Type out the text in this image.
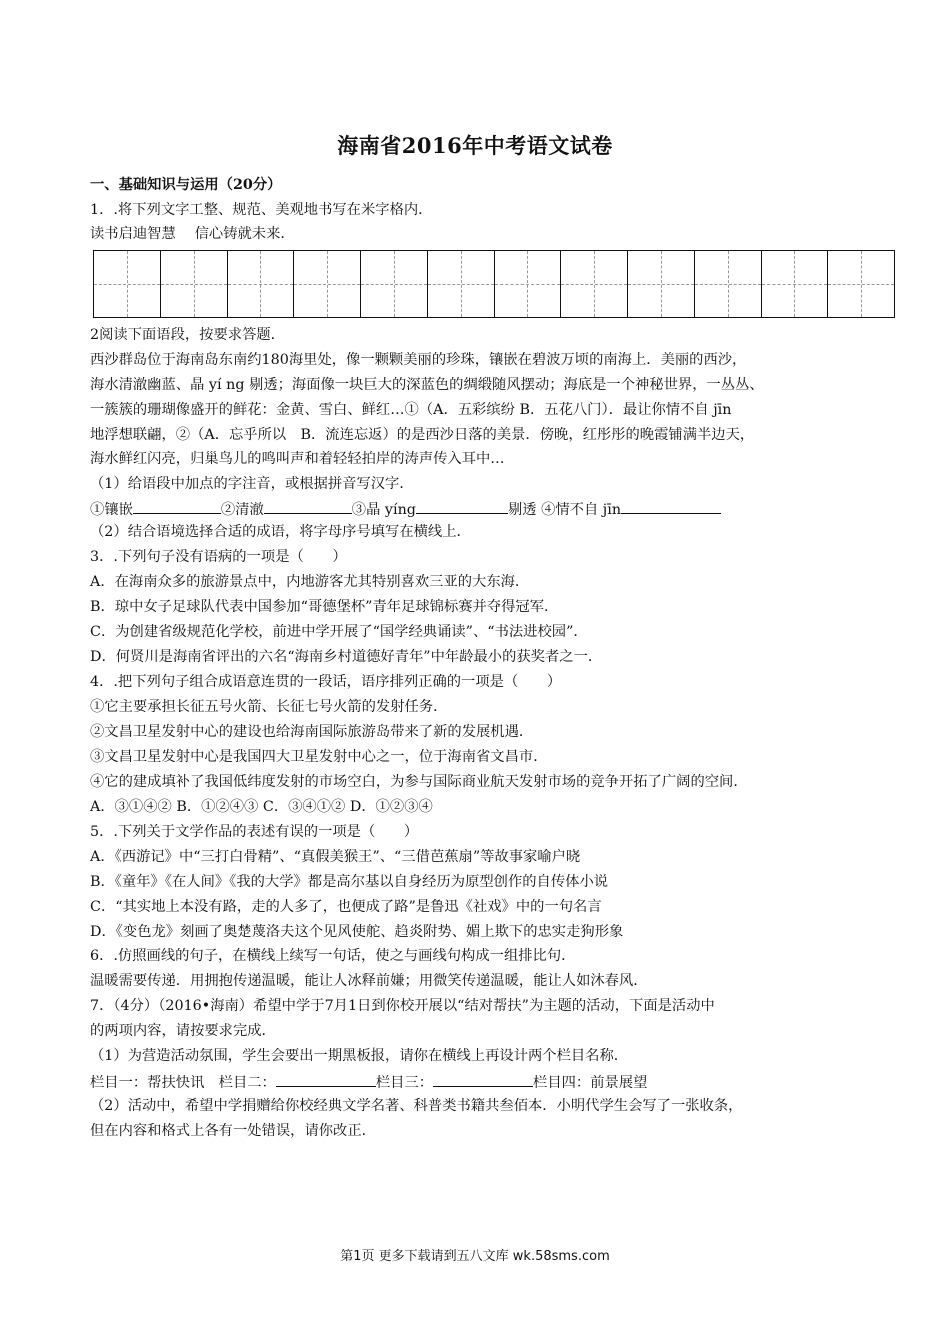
海南省2016年中考语文试卷
一、基础知识与运用（20分）
1．.将下列文字工整、规范、美观地书写在米字格内．
读书启迪智慧　 信心铸就未来．
2阅读下面语段，按要求答题．
西沙群岛位于海南岛东南约180海里处，像一颗颗美丽的珍珠，镶嵌在碧波万顷的南海上．美丽的西沙，
海水清澈幽蓝、晶 yí ng 剔透；海面像一块巨大的深蓝色的绸缎随风摆动；海底是一个神秘世界，一丛丛、
一簇簇的珊瑚像盛开的鲜花：金黄、雪白、鲜红…①（A．五彩缤纷 B．五花八门）．最让你情不自 jīn
地浮想联翩，②（A．忘乎所以　B．流连忘返）的是西沙日落的美景．傍晚，红彤彤的晚霞铺满半边天，
海水鲜红闪亮，归巢鸟儿的鸣叫声和着轻轻拍岸的涛声传入耳中…
（1）给语段中加点的字注音，或根据拼音写汉字．
①镶嵌	②清澈	③晶 yíng	剔透 ④情不自 jīn
（2）结合语境选择合适的成语，将字母序号填写在横线上．
3．.下列句子没有语病的一项是（　　）
A．在海南众多的旅游景点中，内地游客尤其特别喜欢三亚的大东海．
B．琼中女子足球队代表中国参加“哥德堡杯”青年足球锦标赛并夺得冠军．
C．为创建省级规范化学校，前进中学开展了“国学经典诵读”、“书法进校园”．
D．何贤川是海南省评出的六名“海南乡村道德好青年”中年龄最小的获奖者之一．
4．.把下列句子组合成语意连贯的一段话，语序排列正确的一项是（　　）
①它主要承担长征五号火箭、长征七号火箭的发射任务．
②文昌卫星发射中心的建设也给海南国际旅游岛带来了新的发展机遇．
③文昌卫星发射中心是我国四大卫星发射中心之一，位于海南省文昌市．
④它的建成填补了我国低纬度发射的市场空白，为参与国际商业航天发射市场的竞争开拓了广阔的空间．
A．③①④② B．①②④③ C．③④①② D．①②③④
5．.下列关于文学作品的表述有误的一项是（　　）
A．《西游记》中“三打白骨精”、“真假美猴王”、“三借芭蕉扇”等故事家喻户晓
B．《童年》《在人间》《我的大学》都是高尔基以自身经历为原型创作的自传体小说
C．“其实地上本没有路，走的人多了，也便成了路”是鲁迅《社戏》中的一句名言
D．《变色龙》刻画了奥楚蔑洛夫这个见风使舵、趋炎附势、媚上欺下的忠实走狗形象
6．.仿照画线的句子，在横线上续写一句话，使之与画线句构成一组排比句．
温暖需要传递．用拥抱传递温暖，能让人冰释前嫌；用微笑传递温暖，能让人如沐春风．
7．（4分）（2016•海南）希望中学于7月1日到你校开展以“结对帮扶”为主题的活动，下面是活动中
的两项内容，请按要求完成．
（1）为营造活动氛围，学生会要出一期黑板报，请你在横线上再设计两个栏目名称．
栏目一：帮扶快讯　栏目二：	栏目三：	栏目四：前景展望
（2）活动中，希望中学捐赠给你校经典文学名著、科普类书籍共叁佰本．小明代学生会写了一张收条，
但在内容和格式上各有一处错误，请你改正．
第1页 更多下载请到五八文库 wk.58sms.com
